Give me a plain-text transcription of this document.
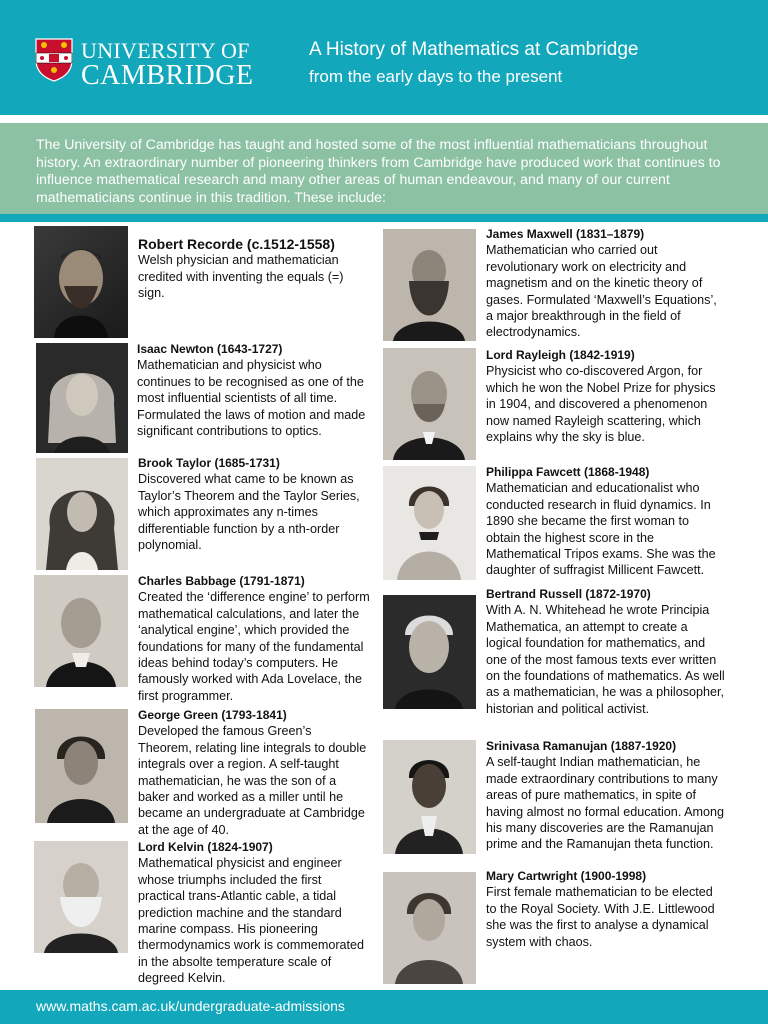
UNIVERSITY OF
CAMBRIDGE
A History of Mathematics at Cambridge
from the early days to the present

The University of Cambridge has taught and hosted some of the most influential mathematicians throughout history. An extraordinary number of pioneering thinkers from Cambridge have produced work that continues to influence mathematical research and many other areas of human endeavour, and many of our current mathematicians continue in this tradition. These include:

Robert Recorde (c.1512-1558)
Welsh physician and mathematician credited with inventing the equals (=) sign.
Isaac Newton (1643-1727)
Mathematician and physicist who continues to be recognised as one of the most influential scientists of all time. Formulated the laws of motion and made significant contributions to optics.
Brook Taylor (1685-1731)
Discovered what came to be known as Taylor’s Theorem and the Taylor Series, which approximates any n-times differentiable function by a nth-order polynomial.
Charles Babbage (1791-1871)
Created the ‘difference engine’ to perform mathematical calculations, and later the ‘analytical engine’, which provided the foundations for many of the fundamental ideas behind today’s computers. He famously worked with Ada Lovelace, the first programmer.
George Green (1793-1841)
Developed the famous Green’s Theorem, relating line integrals to double integrals over a region. A self-taught mathematician, he was the son of a baker and worked as a miller until he became an undergraduate at Cambridge at the age of 40.
Lord Kelvin (1824-1907)
Mathematical physicist and engineer whose triumphs included the first practical trans-Atlantic cable, a tidal prediction machine and the standard marine compass. His pioneering thermodynamics work is commemorated in the absolte temperature scale of degreed Kelvin.
James Maxwell (1831–1879)
Mathematician who carried out revolutionary work on electricity and magnetism and on the kinetic theory of gases. Formulated ‘Maxwell’s Equations’, a major breakthrough in the field of electrodynamics.
Lord Rayleigh (1842-1919)
Physicist who co-discovered Argon, for which he won the Nobel Prize for physics in 1904, and discovered a phenomenon now named Rayleigh scattering, which explains why the sky is blue.
Philippa Fawcett (1868-1948)
Mathematician and educationalist who conducted research in fluid dynamics. In 1890 she became the first woman to obtain the highest score in the Mathematical Tripos exams. She was the daughter of suffragist Millicent Fawcett.
Bertrand Russell (1872-1970)
With A. N. Whitehead he wrote Principia Mathematica, an attempt to create a logical foundation for mathematics, and one of the most famous texts ever written on the foundations of mathematics. As well as a mathematician, he was a philosopher, historian and political activist.
Srinivasa Ramanujan (1887-1920)
A self-taught Indian mathematician, he made extraordinary contributions to many areas of pure mathematics, in spite of having almost no formal education. Among his many discoveries are the Ramanujan prime and the Ramanujan theta function.
Mary Cartwright (1900-1998)
First female mathematician to be elected to the Royal Society. With J.E. Littlewood she was the first to analyse a dynamical system with chaos.
www.maths.cam.ac.uk/undergraduate-admissions
